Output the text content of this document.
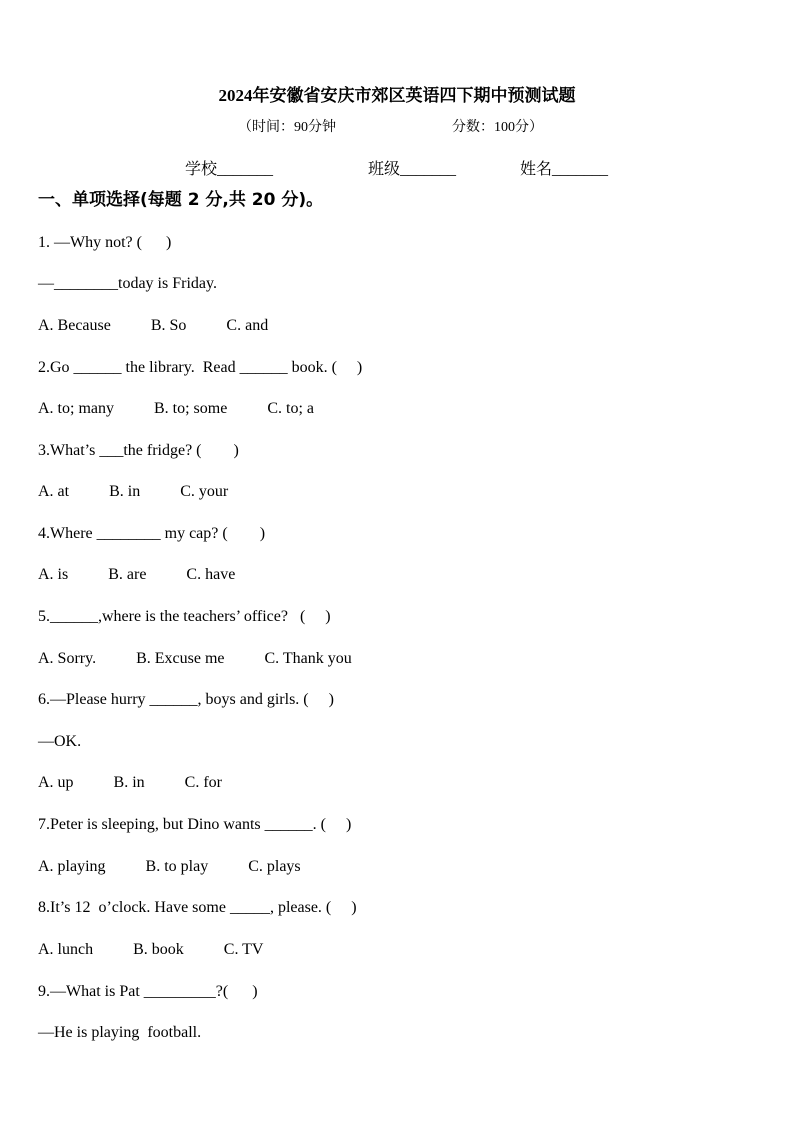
2024年安徽省安庆市郊区英语四下期中预测试题
（时间：90分钟	分数：100分）
学校_______	班级_______	姓名_______
一、单项选择(每题 2 分,共 20 分)。
1. —Why not? (      )
—________today is Friday.
A. Because          B. So          C. and
2.Go ______ the library.  Read ______ book. (     )
A. to; many          B. to; some          C. to; a
3.What’s ___the fridge? (        )
A. at          B. in          C. your
4.Where ________ my cap? (        )
A. is          B. are          C. have
5.______,where is the teachers’ office?   (     )
A. Sorry.          B. Excuse me          C. Thank you
6.—Please hurry ______, boys and girls. (     )
—OK.
A. up          B. in          C. for
7.Peter is sleeping, but Dino wants ______. (     )
A. playing          B. to play          C. plays
8.It’s 12  o’clock. Have some _____, please. (     )
A. lunch          B. book          C. TV
9.—What is Pat _________?(      )
—He is playing  football.
